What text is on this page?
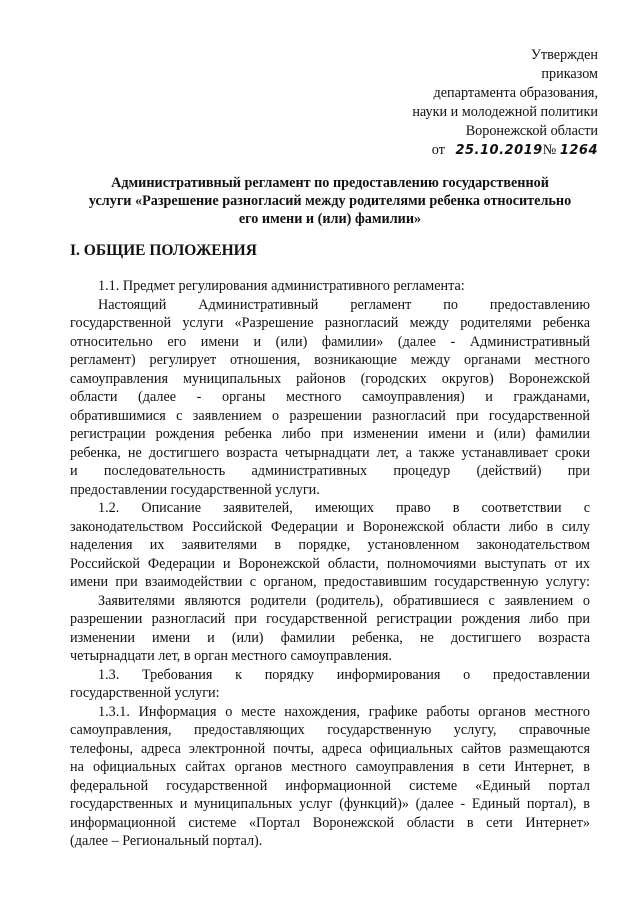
Утвержден
приказом
департамента образования,
науки и молодежной политики
Воронежской области
от 25.10.2019№ 1264
Административный регламент по предоставлению государственной
услуги «Разрешение разногласий между родителями ребенка относительно
его имени и (или) фамилии»
I. ОБЩИЕ ПОЛОЖЕНИЯ

1.1. Предмет регулирования административного регламента:

Настоящий Административный регламент по предоставлению

государственной услуги «Разрешение разногласий между родителями ребенка

относительно его имени и (или) фамилии» (далее - Административный

регламент) регулирует отношения, возникающие между органами местного

самоуправления муниципальных районов (городских округов) Воронежской

области (далее - органы местного самоуправления) и гражданами,

обратившимися с заявлением о разрешении разногласий при государственной

регистрации рождения ребенка либо при изменении имени и (или) фамилии

ребенка, не достигшего возраста четырнадцати лет, а также устанавливает сроки

и последовательность административных процедур (действий) при

предоставлении государственной услуги.

1.2. Описание заявителей, имеющих право в соответствии с

законодательством Российской Федерации и Воронежской области либо в силу

наделения их заявителями в порядке, установленном законодательством

Российской Федерации и Воронежской области, полномочиями выступать от их

имени при взаимодействии с органом, предоставившим государственную услугу:

Заявителями являются родители (родитель), обратившиеся с заявлением о

разрешении разногласий при государственной регистрации рождения либо при

изменении имени и (или) фамилии ребенка, не достигшего возраста

четырнадцати лет, в орган местного самоуправления.

1.3. Требования к порядку информирования о предоставлении

государственной услуги:

1.3.1. Информация о месте нахождения, графике работы органов местного

самоуправления, предоставляющих государственную услугу, справочные

телефоны, адреса электронной почты, адреса официальных сайтов размещаются

на официальных сайтах органов местного самоуправления в сети Интернет, в

федеральной государственной информационной системе «Единый портал

государственных и муниципальных услуг (функций)» (далее - Единый портал), в

информационной системе «Портал Воронежской области в сети Интернет»

(далее – Региональный портал).
